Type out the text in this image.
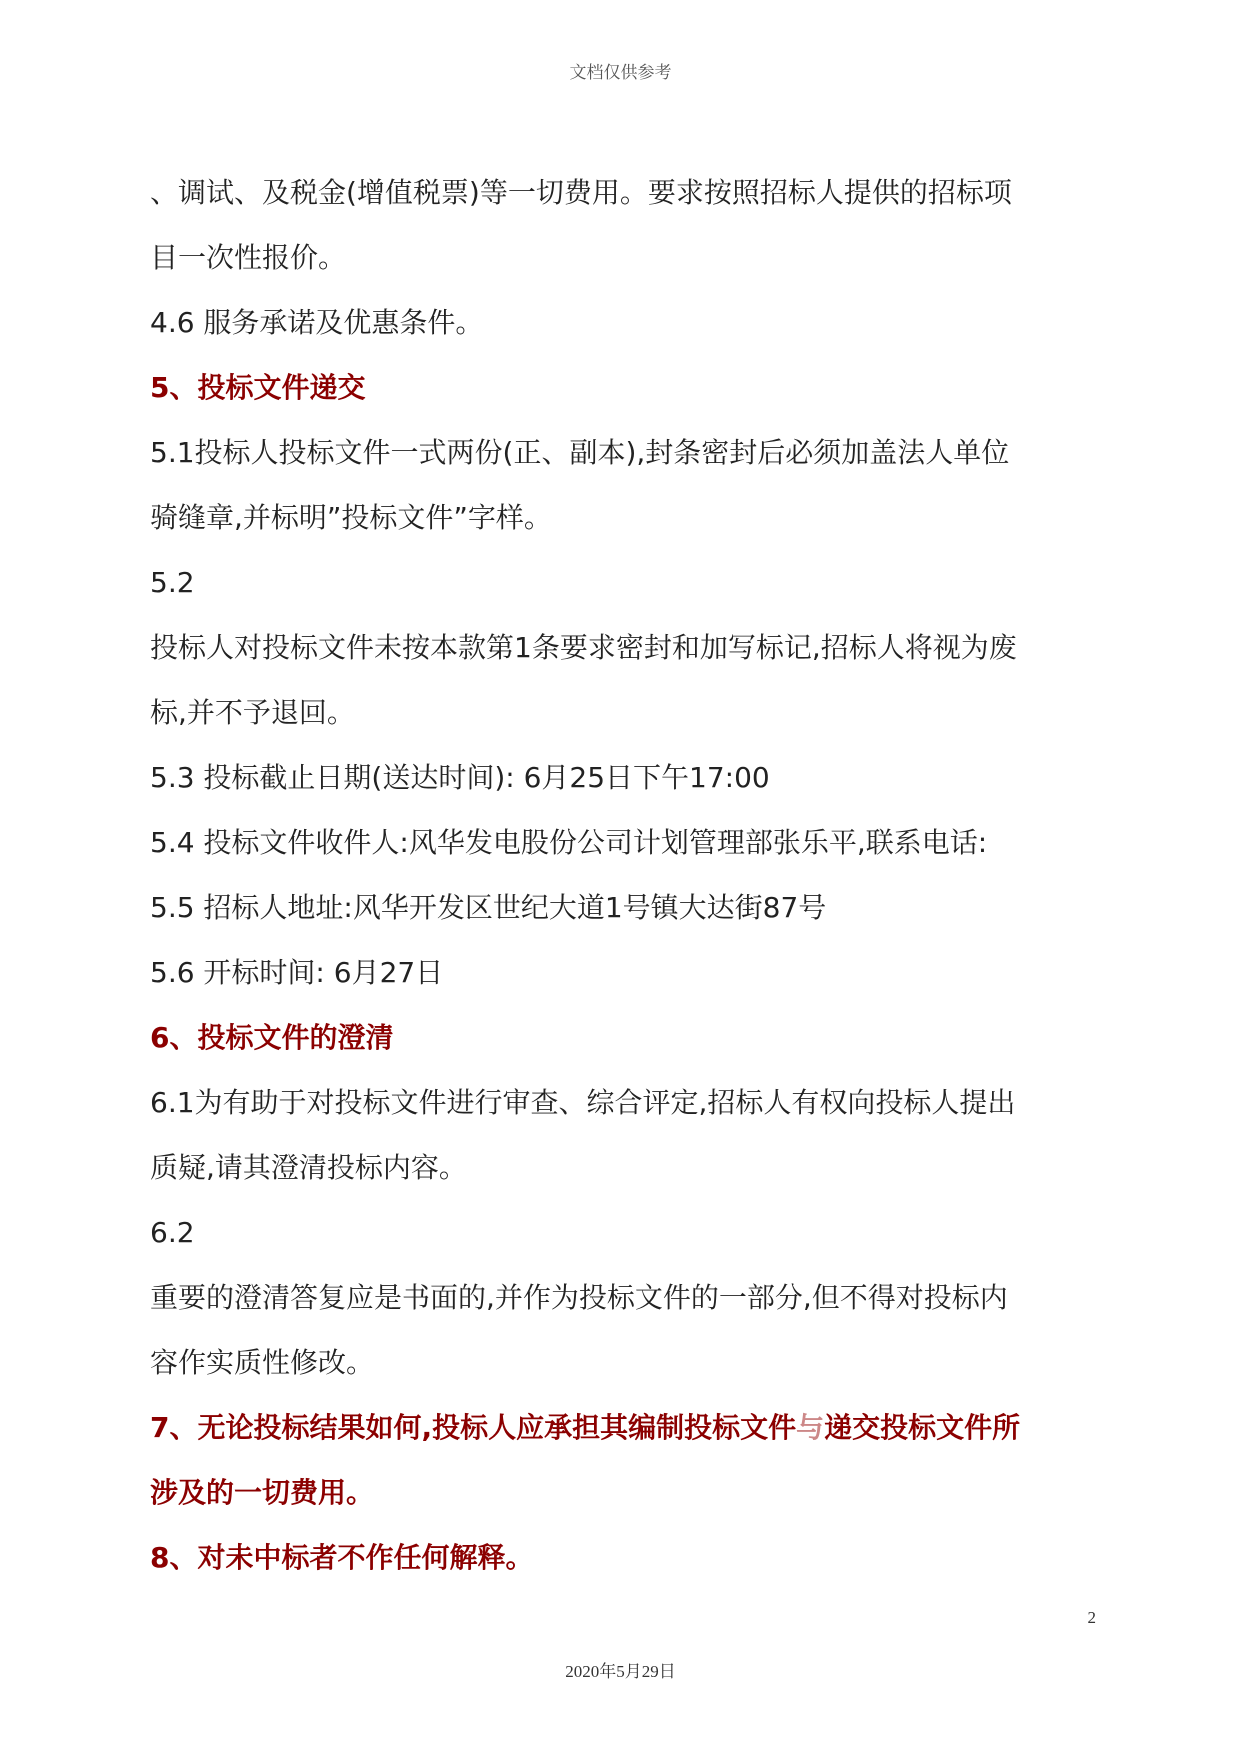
文档仅供参考
、调试、及税金(增值税票)等一切费用。要求按照招标人提供的招标项
目一次性报价。
4.6 服务承诺及优惠条件。
5、投标文件递交
5.1投标人投标文件一式两份(正、副本),封条密封后必须加盖法人单位
骑缝章,并标明”投标文件”字样。
5.2
投标人对投标文件未按本款第1条要求密封和加写标记,招标人将视为废
标,并不予退回。
5.3 投标截止日期(送达时间): 6月25日下午17:00
5.4 投标文件收件人:风华发电股份公司计划管理部张乐平,联系电话:
5.5 招标人地址:风华开发区世纪大道1号镇大达街87号
5.6 开标时间: 6月27日
6、投标文件的澄清
6.1为有助于对投标文件进行审查、综合评定,招标人有权向投标人提出
质疑,请其澄清投标内容。
6.2
重要的澄清答复应是书面的,并作为投标文件的一部分,但不得对投标内
容作实质性修改。
7、无论投标结果如何,投标人应承担其编制投标文件与递交投标文件所
涉及的一切费用。
8、对未中标者不作任何解释。
2
2020年5月29日
